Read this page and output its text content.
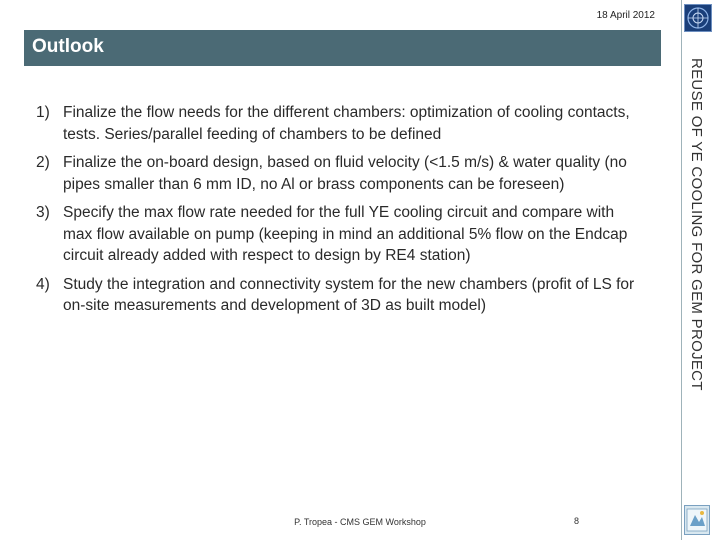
18 April 2012
Outlook
REUSE OF YE COOLING FOR GEM PROJECT
1) Finalize the flow needs for the different chambers: optimization of cooling contacts, tests. Series/parallel feeding of chambers to be defined
2) Finalize the on-board design, based on fluid velocity (<1.5 m/s) & water quality (no pipes smaller than 6 mm ID, no Al or brass components can be foreseen)
3) Specify the max flow rate needed for the full YE cooling circuit and compare with max flow available on pump (keeping in mind an additional 5% flow on the Endcap circuit already added with respect to design by RE4 station)
4) Study the integration and connectivity system for the new chambers (profit of LS for on-site measurements and development of 3D as built model)
P. Tropea - CMS GEM Workshop	8
